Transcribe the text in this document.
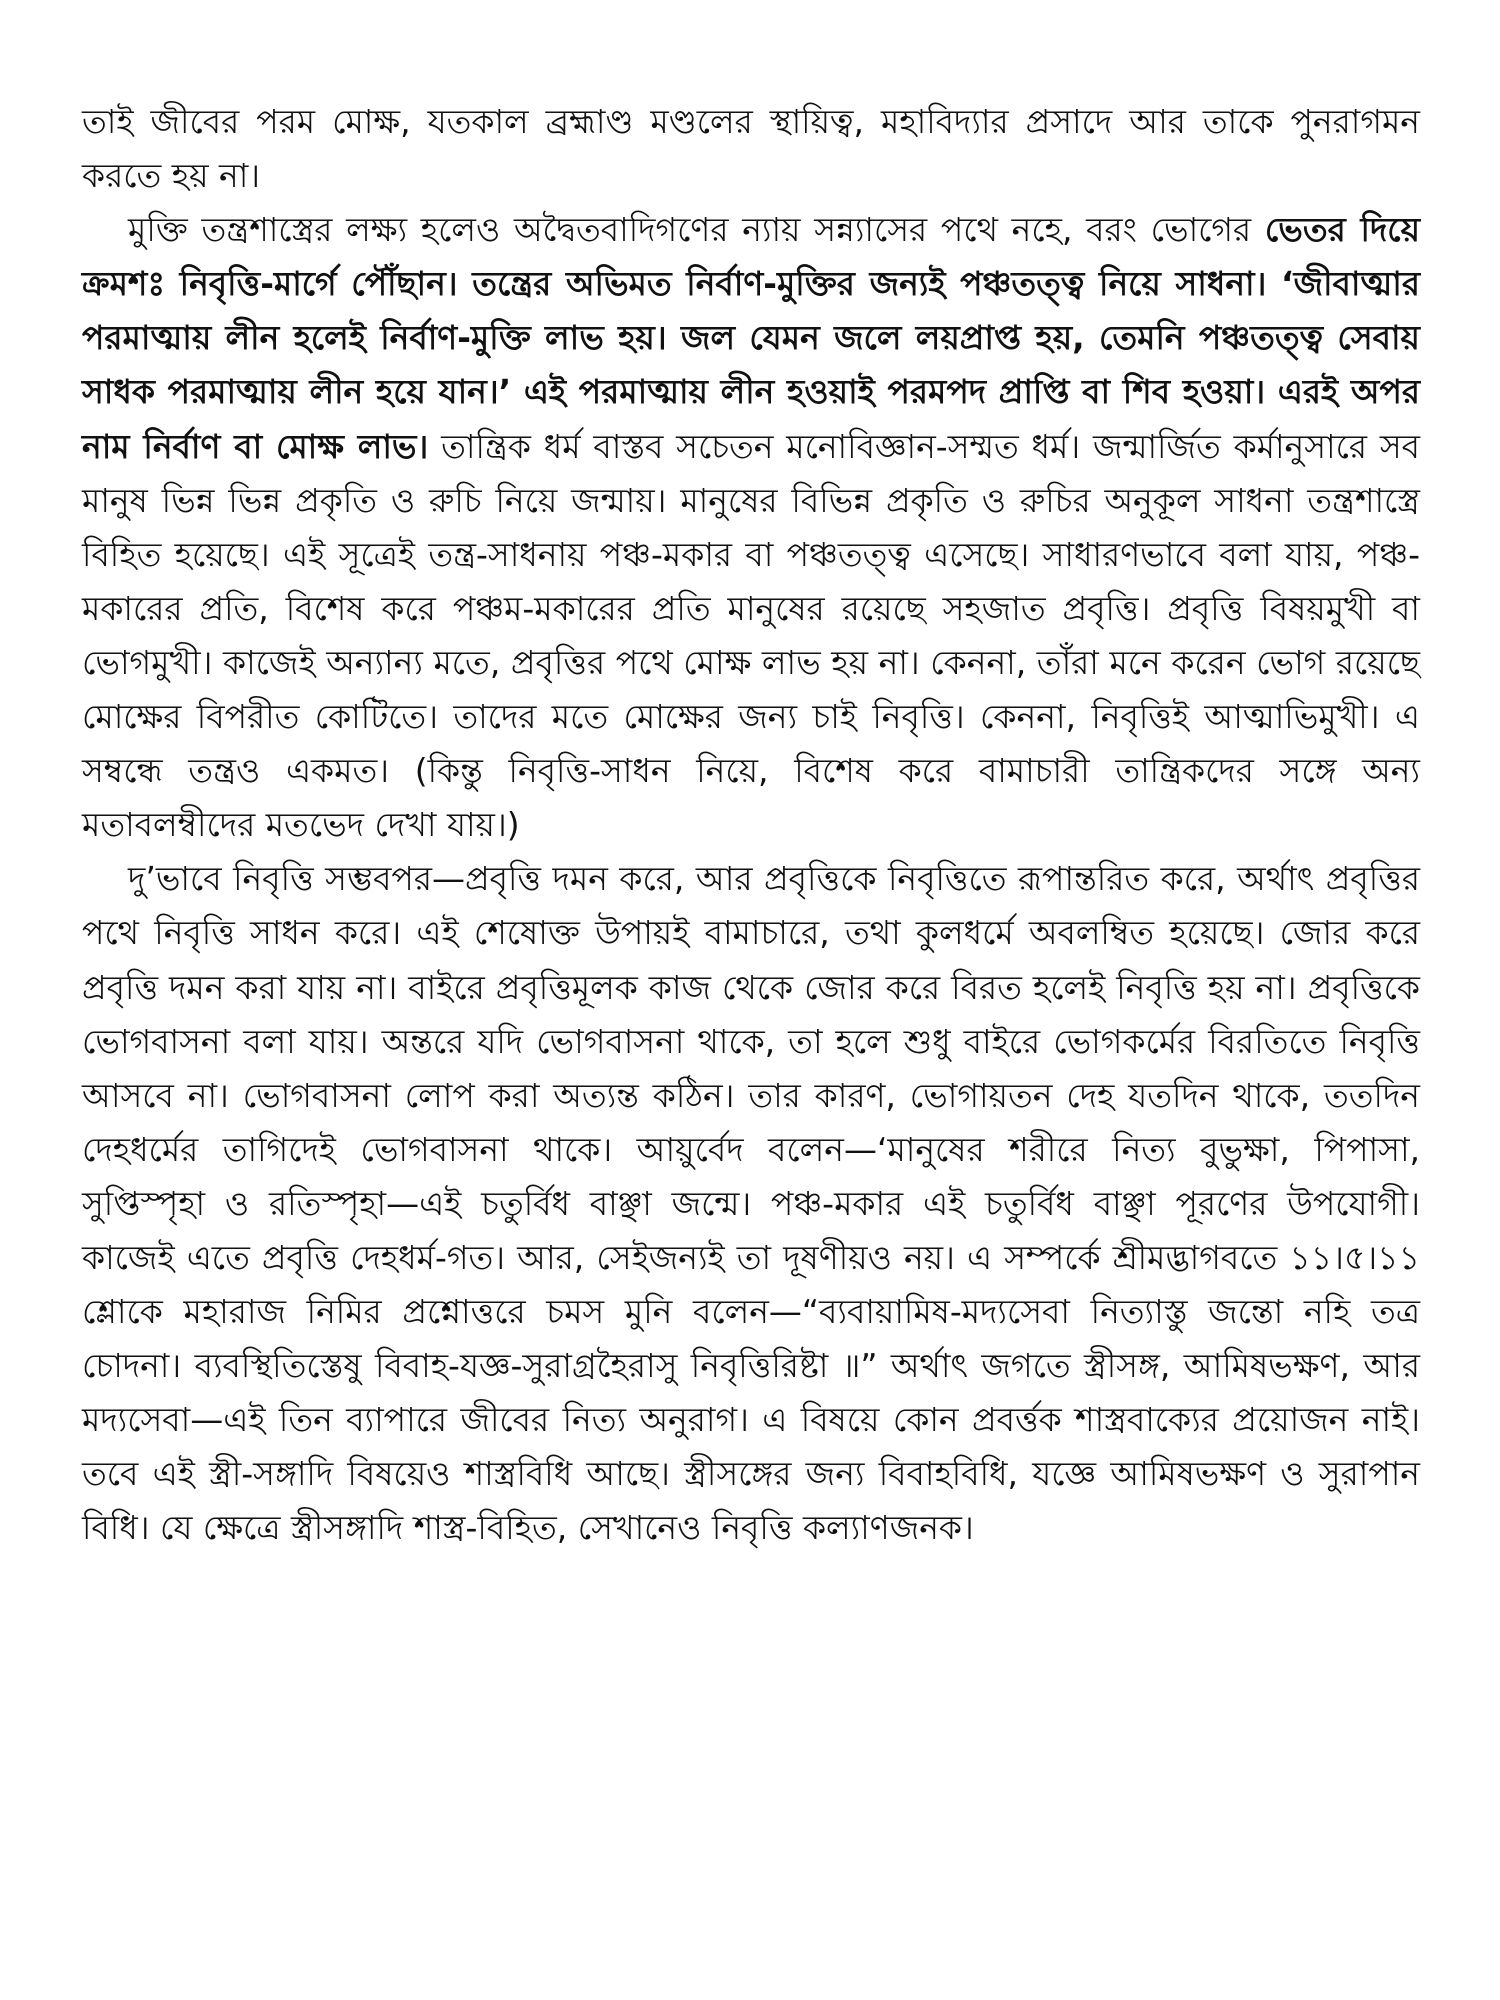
তাই জীবের পরম মোক্ষ, যতকাল ব্রহ্মাণ্ড মণ্ডলের স্থায়িত্ব, মহাবিদ্যার প্রসাদে আর তাকে পুনরাগমন করতে হয় না।

মুক্তি তন্ত্রশাস্ত্রের লক্ষ্য হলেও অদ্বৈতবাদিগণের ন্যায় সন্ন্যাসের পথে নহে, বরং ভোগের ভেতর দিয়ে ক্রমশঃ নিবৃত্তি-মার্গে পৌঁছান। তন্ত্রের অভিমত নির্বাণ-মুক্তির জন্যই পঞ্চতত্ত্ব নিয়ে সাধনা। ‘জীবাত্মার পরমাত্মায় লীন হলেই নির্বাণ-মুক্তি লাভ হয়। জল যেমন জলে লয়প্রাপ্ত হয়, তেমনি পঞ্চতত্ত্ব সেবায় সাধক পরমাত্মায় লীন হয়ে যান।’ এই পরমাত্মায় লীন হওয়াই পরমপদ প্রাপ্তি বা শিব হওয়া। এরই অপর নাম নির্বাণ বা মোক্ষ লাভ। তান্ত্রিক ধর্ম বাস্তব সচেতন মনোবিজ্ঞান-সম্মত ধর্ম। জন্মার্জিত কর্মানুসারে সব মানুষ ভিন্ন ভিন্ন প্রকৃতি ও রুচি নিয়ে জন্মায়। মানুষের বিভিন্ন প্রকৃতি ও রুচির অনুকূল সাধনা তন্ত্রশাস্ত্রে বিহিত হয়েছে। এই সূত্রেই তন্ত্র-সাধনায় পঞ্চ-মকার বা পঞ্চতত্ত্ব এসেছে। সাধারণভাবে বলা যায়, পঞ্চ-মকারের প্রতি, বিশেষ করে পঞ্চম-মকারের প্রতি মানুষের রয়েছে সহজাত প্রবৃত্তি। প্রবৃত্তি বিষয়মুখী বা ভোগমুখী। কাজেই অন্যান্য মতে, প্রবৃত্তির পথে মোক্ষ লাভ হয় না। কেননা, তাঁরা মনে করেন ভোগ রয়েছে মোক্ষের বিপরীত কোটিতে। তাদের মতে মোক্ষের জন্য চাই নিবৃত্তি। কেননা, নিবৃত্তিই আত্মাভিমুখী। এ সম্বন্ধে তন্ত্রও একমত। (কিন্তু নিবৃত্তি-সাধন নিয়ে, বিশেষ করে বামাচারী তান্ত্রিকদের সঙ্গে অন্য মতাবলম্বীদের মতভেদ দেখা যায়।)

দু’ভাবে নিবৃত্তি সম্ভবপর—প্রবৃত্তি দমন করে, আর প্রবৃত্তিকে নিবৃত্তিতে রূপান্তরিত করে, অর্থাৎ প্রবৃত্তির পথে নিবৃত্তি সাধন করে। এই শেষোক্ত উপায়ই বামাচারে, তথা কুলধর্মে অবলম্বিত হয়েছে। জোর করে প্রবৃত্তি দমন করা যায় না। বাইরে প্রবৃত্তিমূলক কাজ থেকে জোর করে বিরত হলেই নিবৃত্তি হয় না। প্রবৃত্তিকে ভোগবাসনা বলা যায়। অন্তরে যদি ভোগবাসনা থাকে, তা হলে শুধু বাইরে ভোগকর্মের বিরতিতে নিবৃত্তি আসবে না। ভোগবাসনা লোপ করা অত্যন্ত কঠিন। তার কারণ, ভোগায়তন দেহ যতদিন থাকে, ততদিন দেহধর্মের তাগিদেই ভোগবাসনা থাকে। আয়ুর্বেদ বলেন—‘মানুষের শরীরে নিত্য বুভুক্ষা, পিপাসা, সুপ্তিস্পৃহা ও রতিস্পৃহা—এই চতুর্বিধ বাঞ্ছা জন্মে। পঞ্চ-মকার এই চতুর্বিধ বাঞ্ছা পূরণের উপযোগী। কাজেই এতে প্রবৃত্তি দেহধর্ম-গত। আর, সেইজন্যই তা দূষণীয়ও নয়। এ সম্পর্কে শ্রীমদ্ভাগবতে ১১।৫।১১ শ্লোকে মহারাজ নিমির প্রশ্নোত্তরে চমস মুনি বলেন—“ব্যবায়ামিষ-মদ্যসেবা নিত্যাস্তু জন্তো নহি তত্র চোদনা। ব্যবস্থিতিস্তেষু বিবাহ-যজ্ঞ-সুরাগ্রহৈরাসু নিবৃত্তিরিষ্টা ॥” অর্থাৎ জগতে স্ত্রীসঙ্গ, আমিষভক্ষণ, আর মদ্যসেবা—এই তিন ব্যাপারে জীবের নিত্য অনুরাগ। এ বিষয়ে কোন প্রবর্ত্তক শাস্ত্রবাক্যের প্রয়োজন নাই। তবে এই স্ত্রী-সঙ্গাদি বিষয়েও শাস্ত্রবিধি আছে। স্ত্রীসঙ্গের জন্য বিবাহবিধি, যজ্ঞে আমিষভক্ষণ ও সুরাপান বিধি। যে ক্ষেত্রে স্ত্রীসঙ্গাদি শাস্ত্র-বিহিত, সেখানেও নিবৃত্তি কল্যাণজনক।
